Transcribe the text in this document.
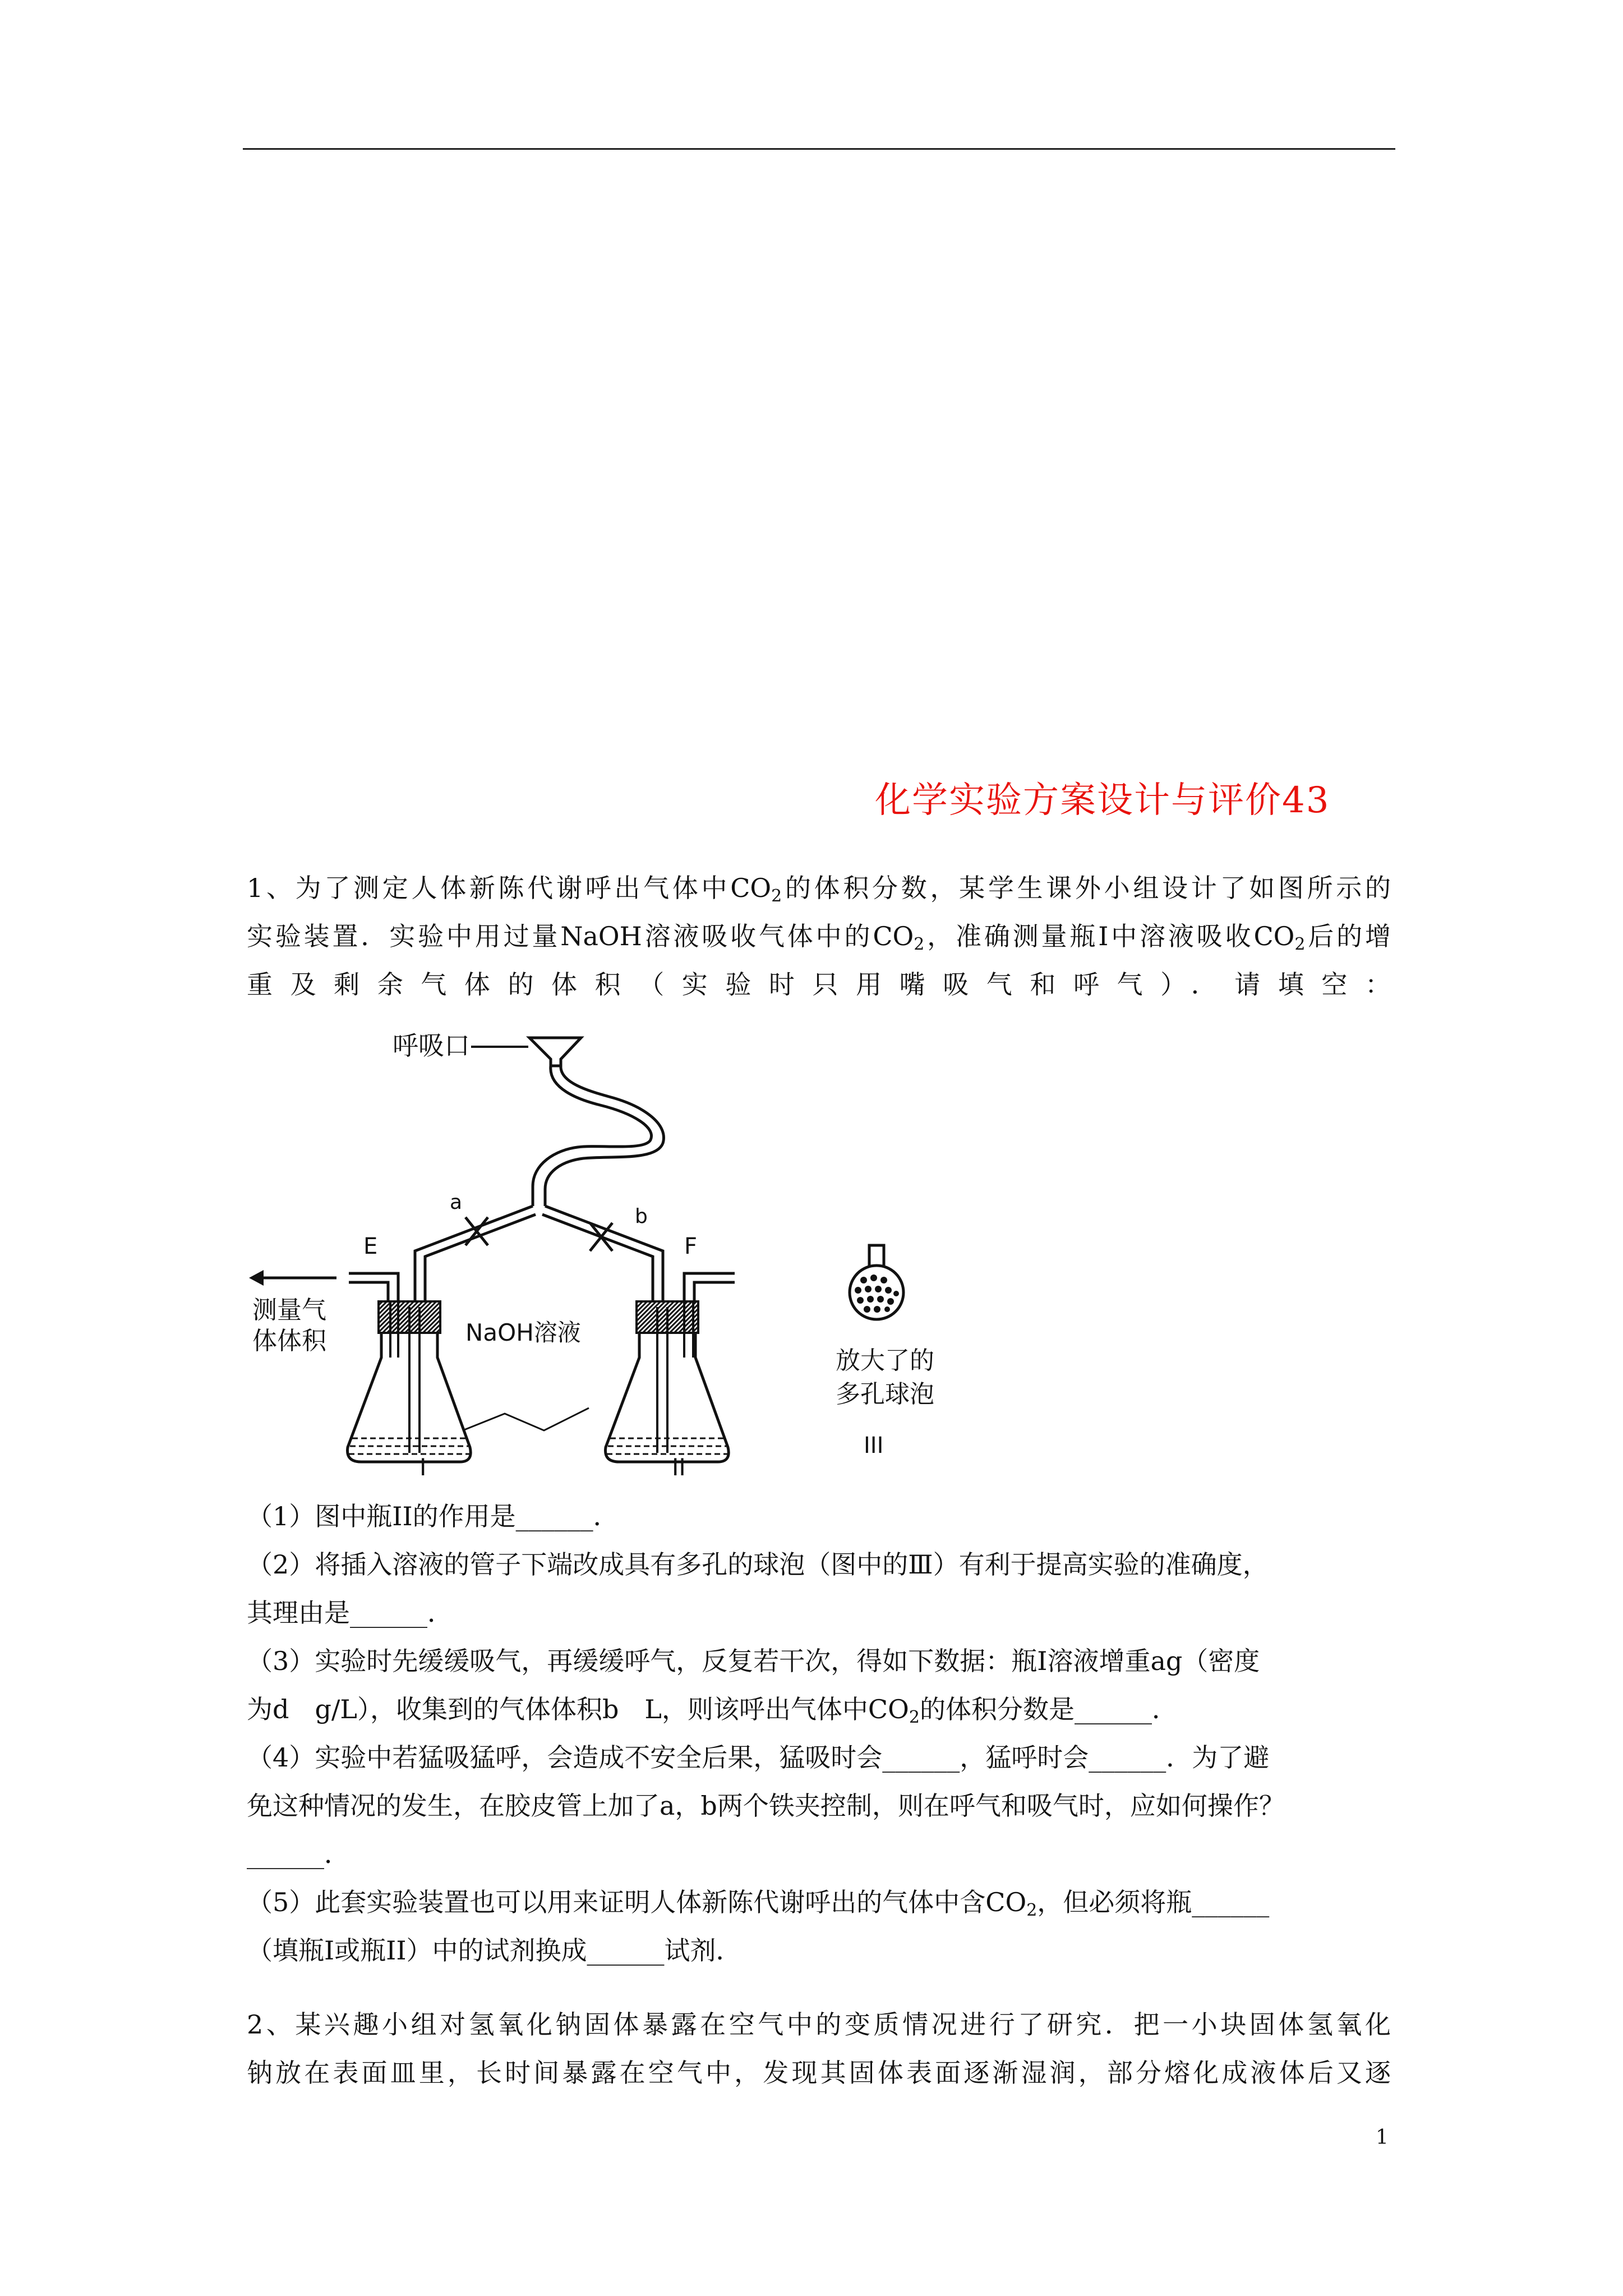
化学实验方案设计与评价43
1、为了测定人体新陈代谢呼出气体中$CO_2$的体积分数，某学生课外小组设计了如图所示的
实验装置．实验中用过量NaOH溶液吸收气体中的$CO_2$，准确测量瓶I中溶液吸收$CO_2$后的增
重及剩余气体的体积（实验时只用嘴吸气和呼气）．请填空：
呼吸口
a
b
E	F
测量气
体体积	NaOH溶液
I	II
放大了的
多孔球泡
III
（1）图中瓶II的作用是______．
（2）将插入溶液的管子下端改成具有多孔的球泡（图中的Ⅲ）有利于提高实验的准确度，
其理由是______．
（3）实验时先缓缓吸气，再缓缓呼气，反复若干次，得如下数据：瓶I溶液增重ag（密度
为d　g/L），收集到的气体体积b　L，则该呼出气体中$CO_2$的体积分数是______．
（4）实验中若猛吸猛呼，会造成不安全后果，猛吸时会______，猛呼时会______．为了避
免这种情况的发生，在胶皮管上加了a，b两个铁夹控制，则在呼气和吸气时，应如何操作？
______．
（5）此套实验装置也可以用来证明人体新陈代谢呼出的气体中含$CO_2$，但必须将瓶______
（填瓶I或瓶II）中的试剂换成______试剂．
2、某兴趣小组对氢氧化钠固体暴露在空气中的变质情况进行了研究．把一小块固体氢氧化
钠放在表面皿里，长时间暴露在空气中，发现其固体表面逐渐湿润，部分熔化成液体后又逐
1
